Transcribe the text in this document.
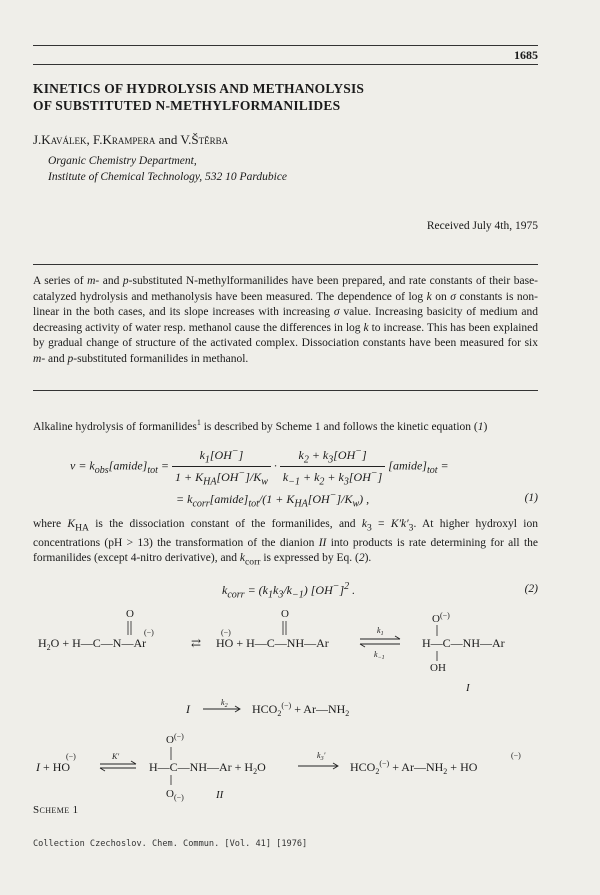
1685
KINETICS OF HYDROLYSIS AND METHANOLYSIS
OF SUBSTITUTED N-METHYLFORMANILIDES
J.Kaválek, F.Krampera and V.Štěrba
Organic Chemistry Department,
Institute of Chemical Technology, 532 10 Pardubice
Received July 4th, 1975
A series of m- and p-substituted N-methylformanilides have been prepared, and rate constants of their base-catalyzed hydrolysis and methanolysis have been measured. The dependence of log k on σ constants is non-linear in the both cases, and its slope increases with increasing σ value. Increasing basicity of medium and decreasing activity of water resp. methanol cause the differences in log k to increase. This has been explained by gradual change of structure of the activated complex. Dissociation constants have been measured for six m- and p-substituted formanilides in methanol.
Alkaline hydrolysis of formanilides$^1$ is described by Scheme 1 and follows the kinetic equation (1)
$v = k_{obs}[amide]_{tot} = \frac{k_1[OH^-]}{1 + K_{HA}[OH^-]/K_w} \cdot \frac{k_2 + k_3[OH^-]}{k_{-1} + k_2 + k_3[OH^-]}$ $[amide]_{tot}$ =
= $k_{corr}[amide]_{tot}/(1 + K_{HA}[OH^-]/K_w)$ ,	(1)
where $K_{HA}$ is the dissociation constant of the formanilides, and $k_3 = K'k'_3$. At higher hydroxyl ion concentrations (pH > 13) the transformation of the dianion II into products is rate determining for all the formanilides (except 4-nitro derivative), and $k_{corr}$ is expressed by Eq. (2).
$k_{corr} = (k_1k_3/k_{-1})$ $[OH^-]^2$ .	(2)
$H_2O$ + H—C—N—Ar
O
(−)
⇄ HO + H—C—NH—Ar
(−)
O
$k_1$
$k_{-1}$
H—C—NH—Ar
O(−)
OH
I
I	$k_2$ $HCO_2^{(-)}$ + $Ar—NH_2$
I + HO
(−)	K′
H—C—NH—Ar + $H_2O$
O(−)
$O_{(-)}$
$k_3'$
$HCO_2^{(-)}$ + $Ar—NH_2$ + HO
(−)
II
Scheme 1
Collection Czechoslov. Chem. Commun. [Vol. 41] [1976]
